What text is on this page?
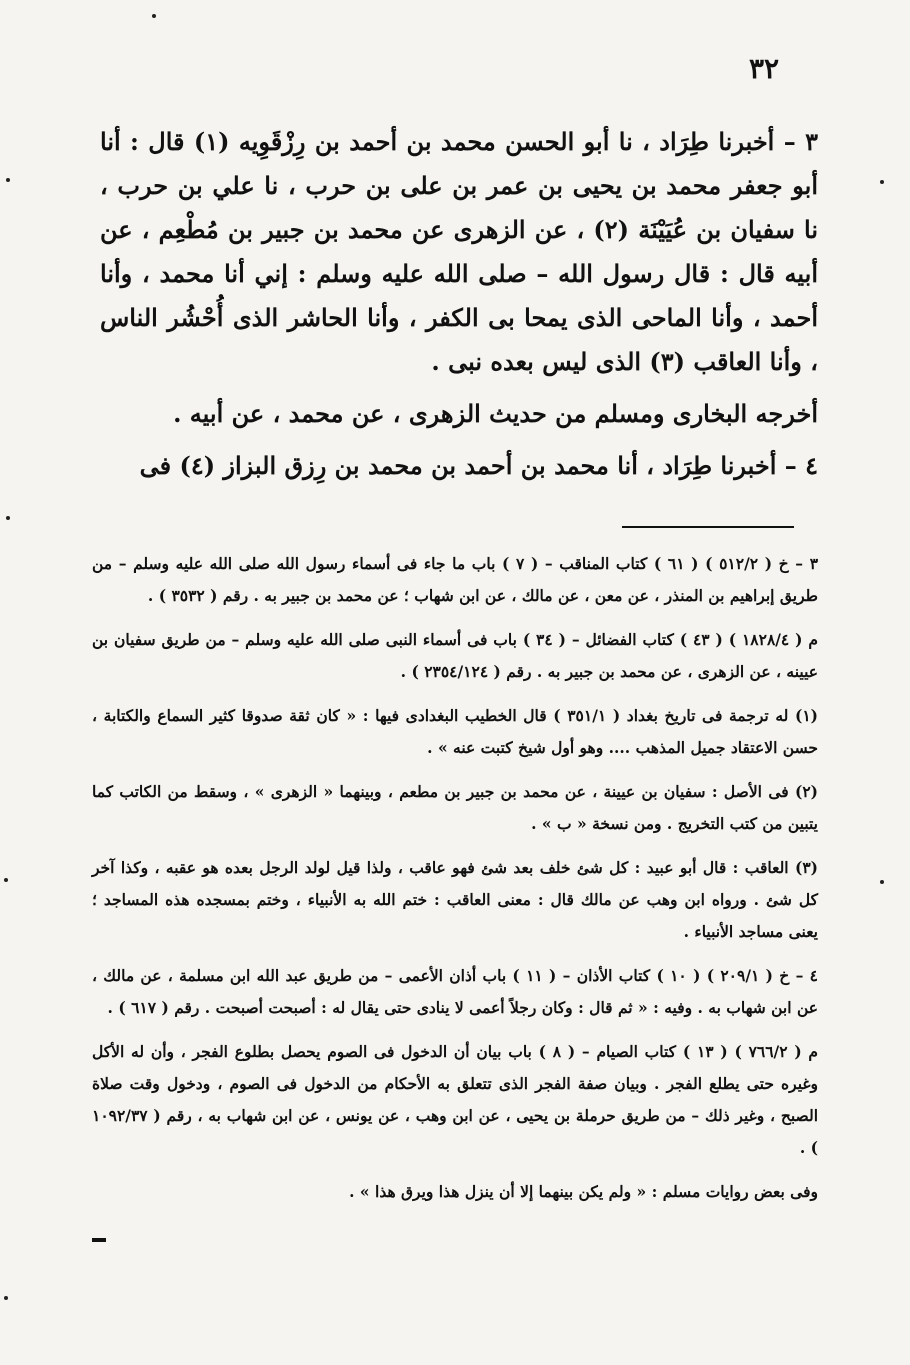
٣٢

٣ – أخبرنا طِرَاد ، نا أبو الحسن محمد بن أحمد بن رِزْقَوِيه (١) قال : أنا أبو جعفر محمد بن يحيى بن عمر بن على بن حرب ، نا علي بن حرب ، نا سفيان بن عُيَيْنَة (٢) ، عن الزهرى عن محمد بن جبير بن مُطْعِم ، عن أبيه قال : قال رسول الله – صلى الله عليه وسلم : إني أنا محمد ، وأنا أحمد ، وأنا الماحى الذى يمحا بى الكفر ، وأنا الحاشر الذى أُحْشُر الناس ، وأنا العاقب (٣) الذى ليس بعده نبى .

أخرجه البخارى ومسلم من حديث الزهرى ، عن محمد ، عن أبيه .

٤ – أخبرنا طِرَاد ، أنا محمد بن أحمد بن محمد بن رِزق البزاز (٤) فى

٣ – خ ( ٥١٢/٢ ) ( ٦١ ) كتاب المناقب – ( ٧ ) باب ما جاء فى أسماء رسول الله صلى الله عليه وسلم – من طريق إبراهيم بن المنذر ، عن معن ، عن مالك ، عن ابن شهاب ؛ عن محمد بن جبير به . رقم ( ٣٥٣٢ ) .

م ( ١٨٢٨/٤ ) ( ٤٣ ) كتاب الفضائل – ( ٣٤ ) باب فى أسماء النبى صلى الله عليه وسلم – من طريق سفيان بن عيينه ، عن الزهرى ، عن محمد بن جبير به . رقم ( ٢٣٥٤/١٢٤ ) .

(١) له ترجمة فى تاريخ بغداد ( ٣٥١/١ ) قال الخطيب البغدادى فيها : « كان ثقة صدوقا كثير السماع والكتابة ، حسن الاعتقاد جميل المذهب .... وهو أول شيخ كتبت عنه » .

(٢) فى الأصل : سفيان بن عيينة ، عن محمد بن جبير بن مطعم ، وبينهما « الزهرى » ، وسقط من الكاتب كما يتبين من كتب التخريج . ومن نسخة « ب » .

(٣) العاقب : قال أبو عبيد : كل شئ خلف بعد شئ فهو عاقب ، ولذا قيل لولد الرجل بعده هو عقبه ، وكذا آخر كل شئ . ورواه ابن وهب عن مالك قال : معنى العاقب : ختم الله به الأنبياء ، وختم بمسجده هذه المساجد ؛ يعنى مساجد الأنبياء .

٤ – خ ( ٢٠٩/١ ) ( ١٠ ) كتاب الأذان – ( ١١ ) باب أذان الأعمى – من طريق عبد الله ابن مسلمة ، عن مالك ، عن ابن شهاب به . وفيه : « ثم قال : وكان رجلاً أعمى لا ينادى حتى يقال له : أصبحت أصبحت . رقم ( ٦١٧ ) .

م ( ٧٦٦/٢ ) ( ١٣ ) كتاب الصيام – ( ٨ ) باب بيان أن الدخول فى الصوم يحصل بطلوع الفجر ، وأن له الأكل وغيره حتى يطلع الفجر . وبيان صفة الفجر الذى تتعلق به الأحكام من الدخول فى الصوم ، ودخول وقت صلاة الصبح ، وغير ذلك – من طريق حرملة بن يحيى ، عن ابن وهب ، عن يونس ، عن ابن شهاب به ، رقم ( ١٠٩٢/٣٧ ) .

وفى بعض روايات مسلم : « ولم يكن بينهما إلا أن ينزل هذا ويرق هذا » .
